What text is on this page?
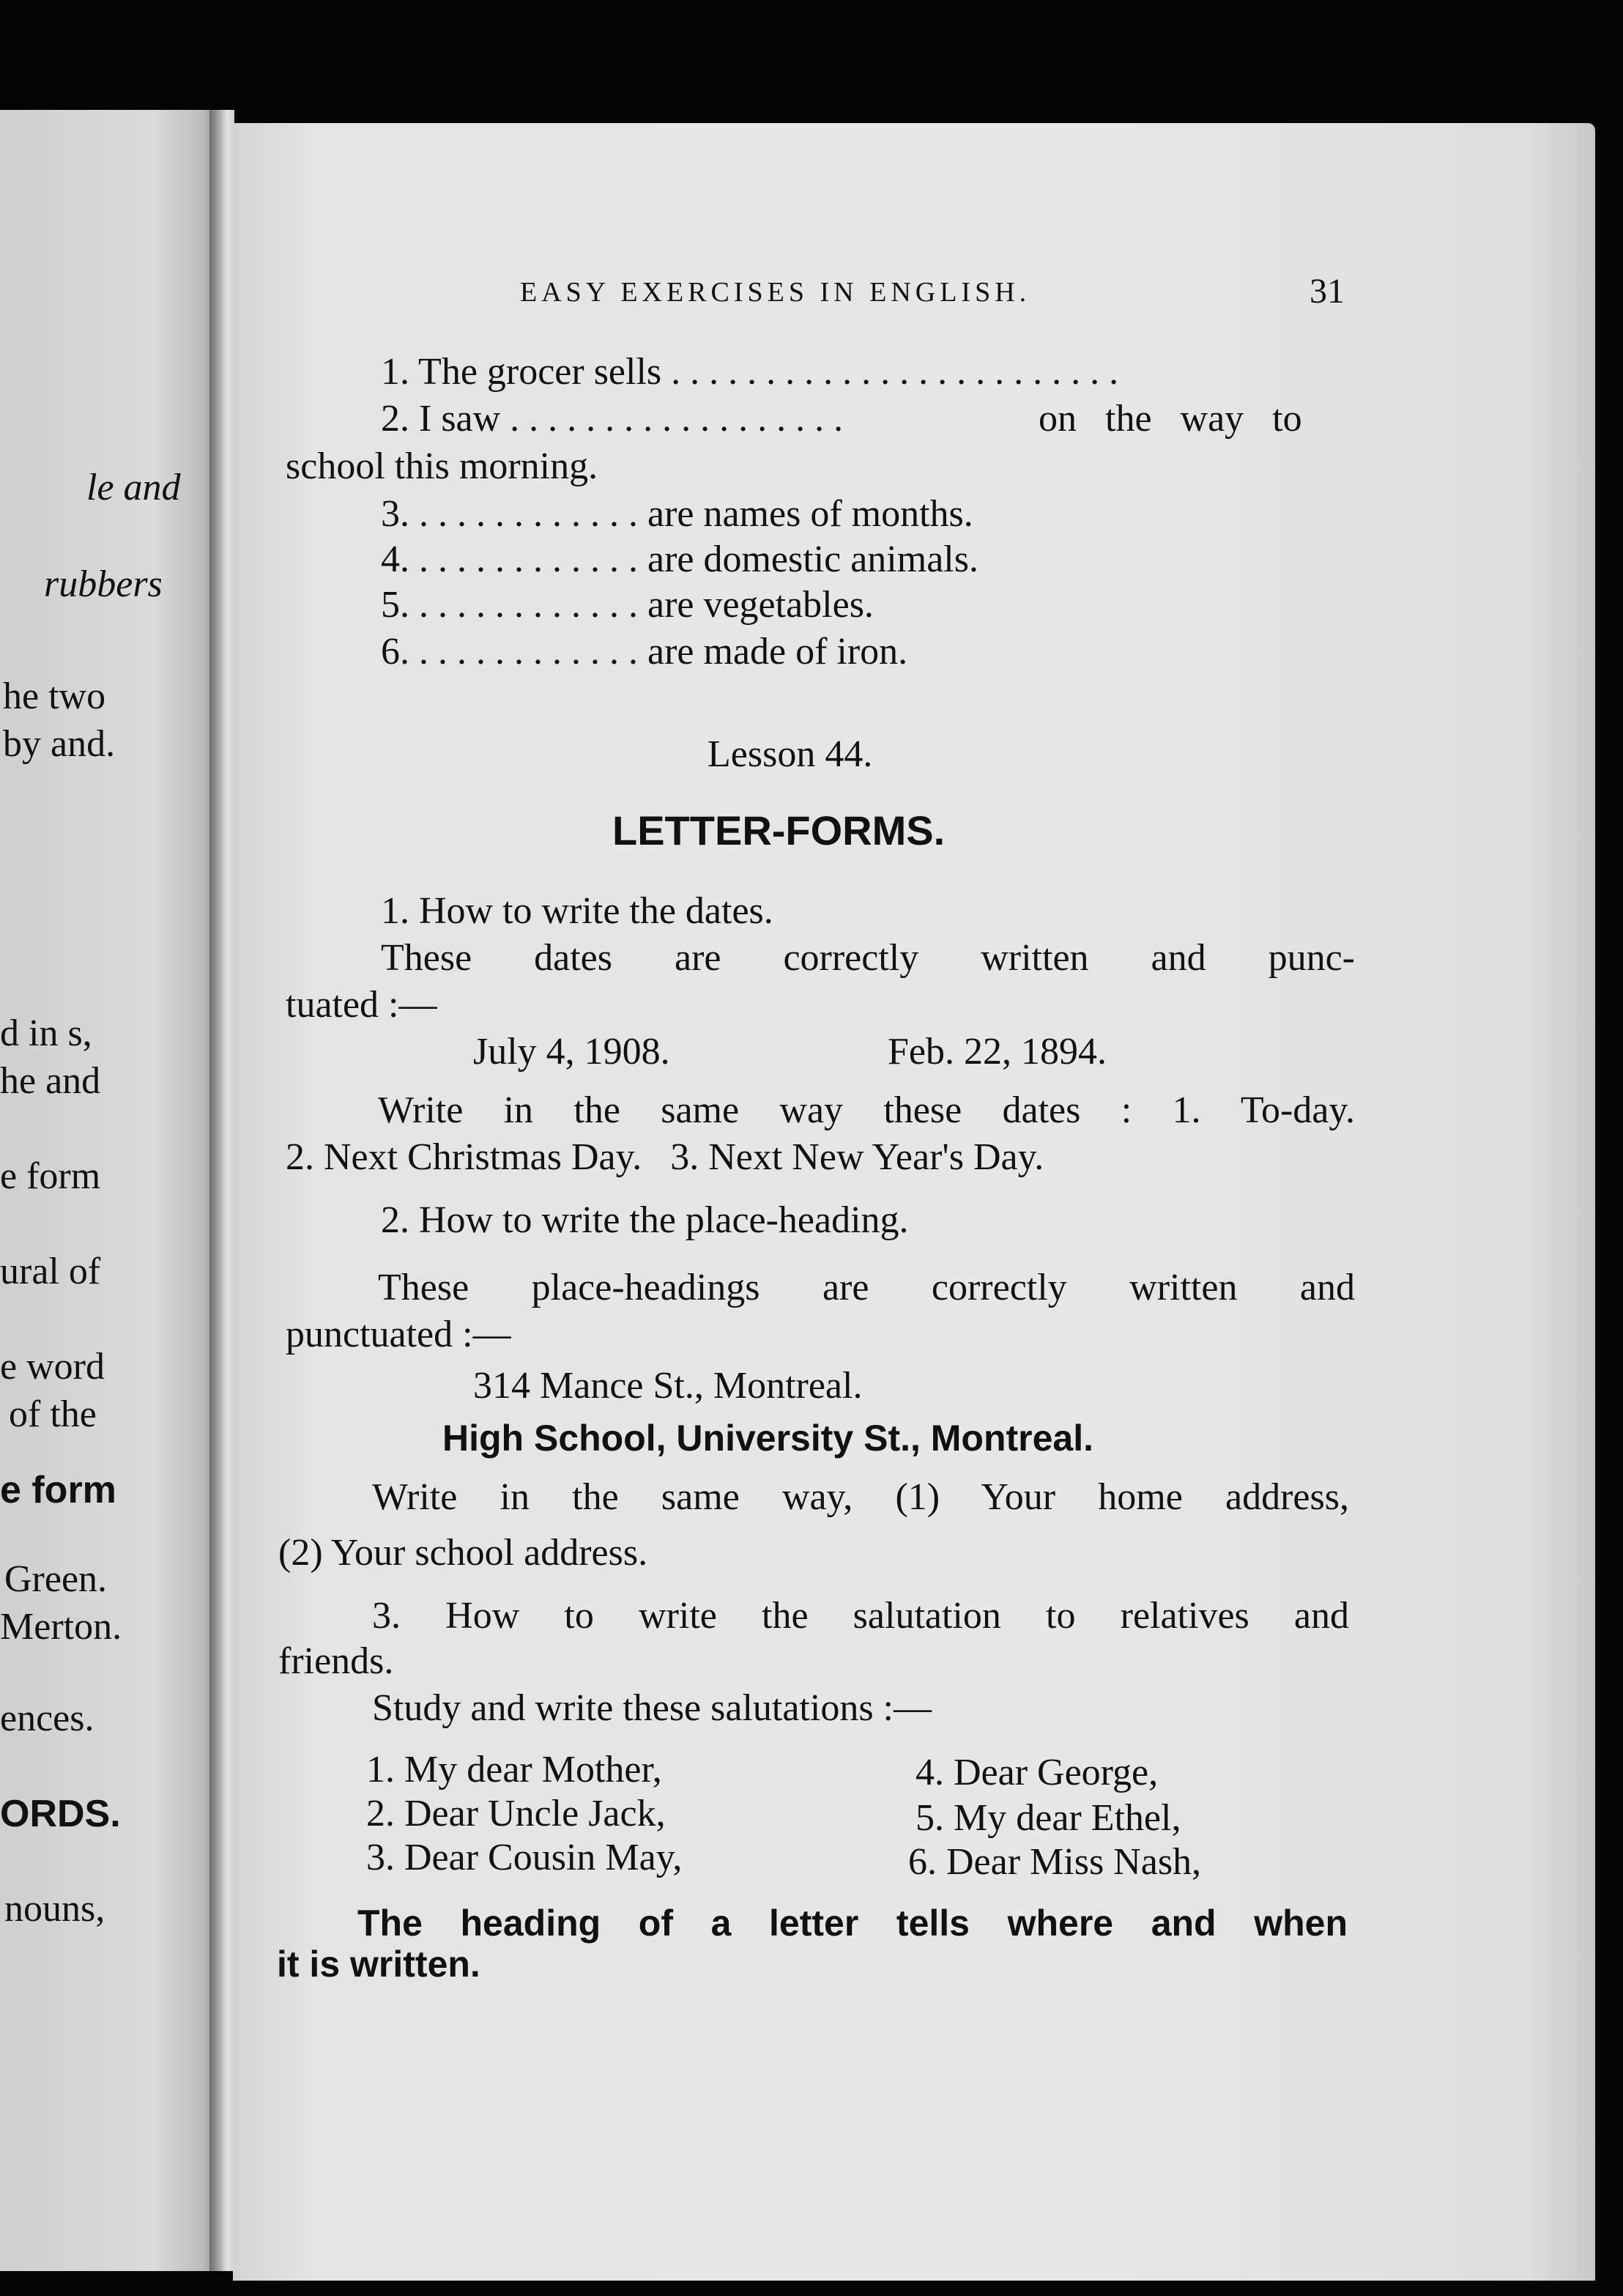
le and
rubbers
he two
by and.
d in s,
he and
e form
ural of
e word
of the
e form
Green.
Merton.
ences.
ORDS.
nouns,
EASY EXERCISES IN ENGLISH.	31
1. The grocer sells . . . . . . . . . . . . . . . . . . . . . . . .
2. I saw . . . . . . . . . . . . . . . . . .	on the way to
school this morning.
3. . . . . . . . . . . . . are names of months.
4. . . . . . . . . . . . . are domestic animals.
5. . . . . . . . . . . . . are vegetables.
6. . . . . . . . . . . . . are made of iron.
Lesson 44.
LETTER-FORMS.
1. How to write the dates.
These dates are correctly written and punc-
tuated :—
July 4, 1908.	Feb. 22, 1894.
Write in the same way these dates : 1. To-day.
2. Next Christmas Day.   3. Next New Year's Day.
2. How to write the place-heading.
These place-headings are correctly written and
punctuated :—
314 Mance St., Montreal.
High School, University St., Montreal.
Write in the same way, (1) Your home address,
(2) Your school address.
3. How to write the salutation to relatives and
friends.
Study and write these salutations :—
1. My dear Mother,
2. Dear Uncle Jack,
3. Dear Cousin May,
4. Dear George,
5. My dear Ethel,
6. Dear Miss Nash,
The heading of a letter tells where and when
it is written.
